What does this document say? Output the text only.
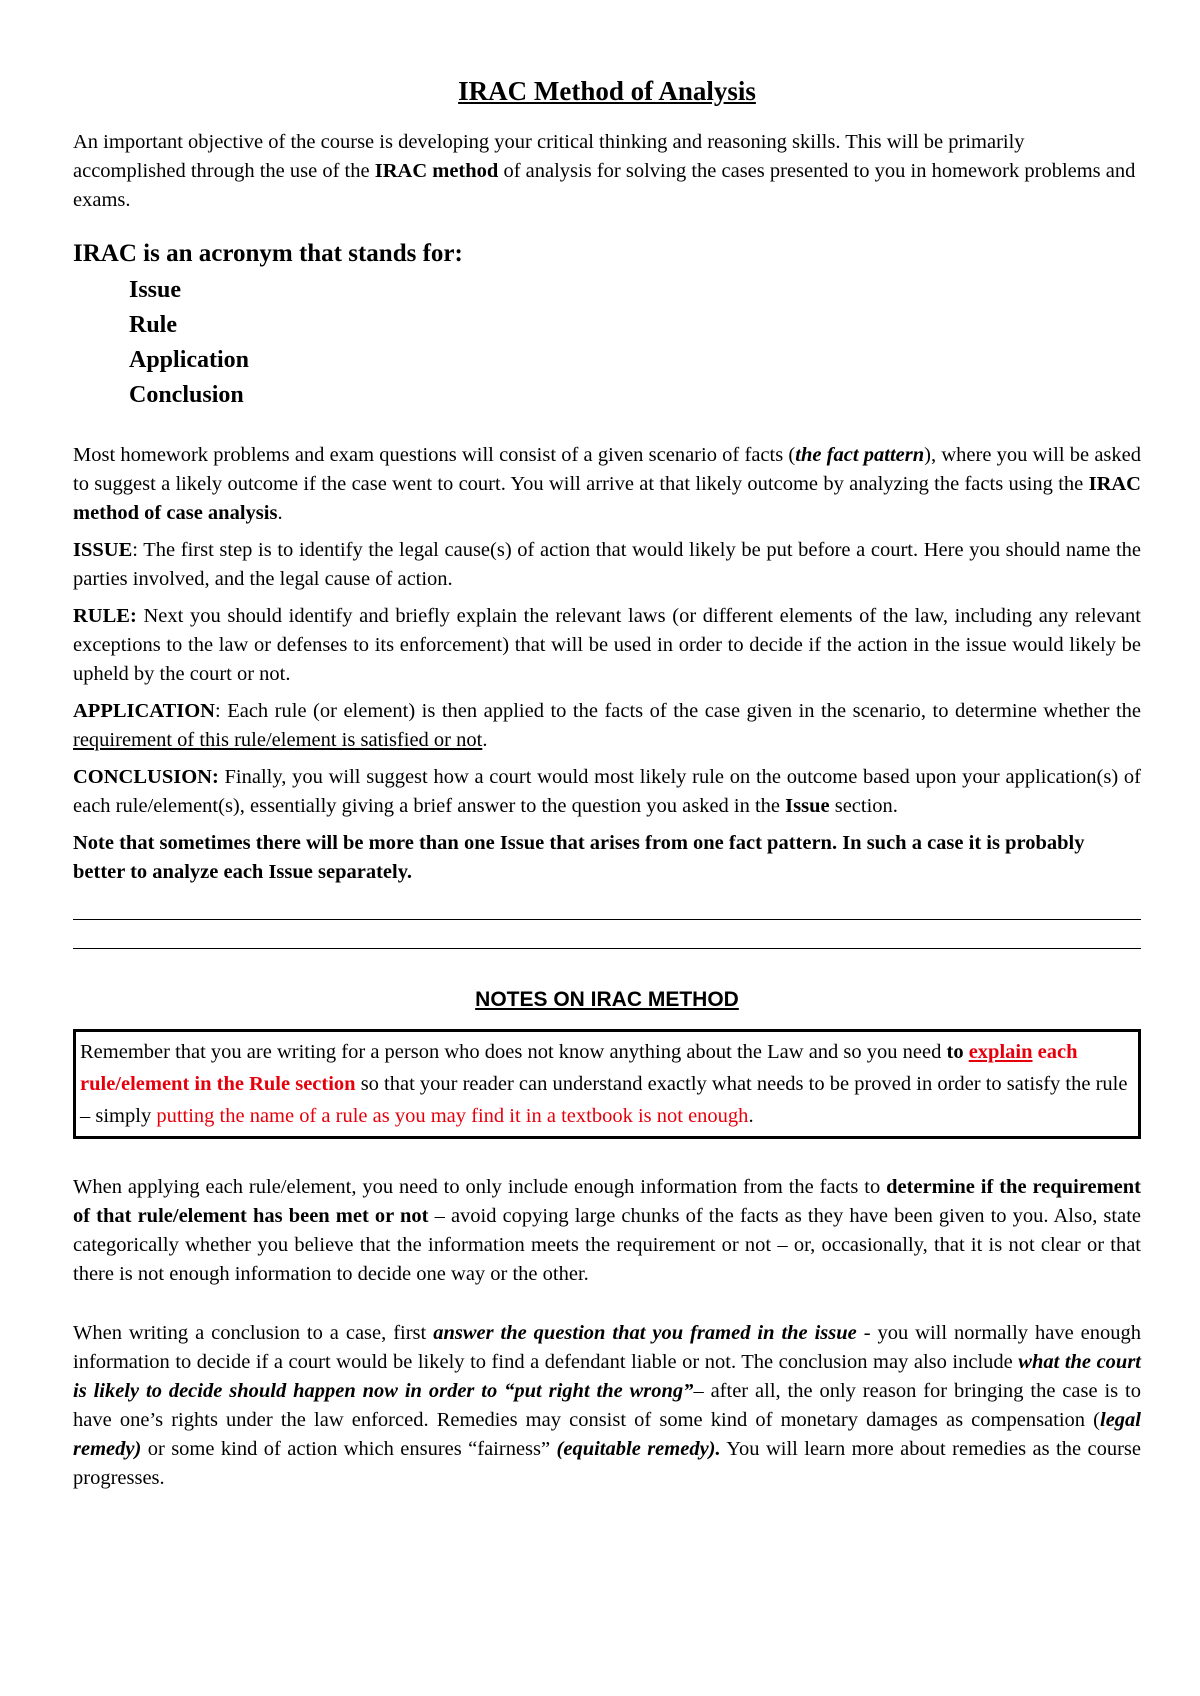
IRAC Method of Analysis

An important objective of the course is developing your critical thinking and reasoning skills. This will be primarily accomplished through the use of the IRAC method of analysis for solving the cases presented to you in homework problems and exams.

IRAC is an acronym that stands for:

Issue
Rule
Application
Conclusion

Most homework problems and exam questions will consist of a given scenario of facts (the fact pattern), where you will be asked to suggest a likely outcome if the case went to court. You will arrive at that likely outcome by analyzing the facts using the IRAC method of case analysis.

ISSUE: The first step is to identify the legal cause(s) of action that would likely be put before a court. Here you should name the parties involved, and the legal cause of action.

RULE: Next you should identify and briefly explain the relevant laws (or different elements of the law, including any relevant exceptions to the law or defenses to its enforcement) that will be used in order to decide if the action in the issue would likely be upheld by the court or not.

APPLICATION: Each rule (or element) is then applied to the facts of the case given in the scenario, to determine whether the requirement of this rule/element is satisfied or not.

CONCLUSION: Finally, you will suggest how a court would most likely rule on the outcome based upon your application(s) of each rule/element(s), essentially giving a brief answer to the question you asked in the Issue section.

Note that sometimes there will be more than one Issue that arises from one fact pattern. In such a case it is probably better to analyze each Issue separately.

NOTES ON IRAC METHOD

Remember that you are writing for a person who does not know anything about the Law and so you need to explain each rule/element in the Rule section so that your reader can understand exactly what needs to be proved in order to satisfy the rule – simply putting the name of a rule as you may find it in a textbook is not enough.

When applying each rule/element, you need to only include enough information from the facts to determine if the requirement of that rule/element has been met or not – avoid copying large chunks of the facts as they have been given to you. Also, state categorically whether you believe that the information meets the requirement or not – or, occasionally, that it is not clear or that there is not enough information to decide one way or the other.

When writing a conclusion to a case, first answer the question that you framed in the issue - you will normally have enough information to decide if a court would be likely to find a defendant liable or not. The conclusion may also include what the court is likely to decide should happen now in order to “put right the wrong”– after all, the only reason for bringing the case is to have one’s rights under the law enforced. Remedies may consist of some kind of monetary damages as compensation (legal remedy) or some kind of action which ensures “fairness” (equitable remedy). You will learn more about remedies as the course progresses.
